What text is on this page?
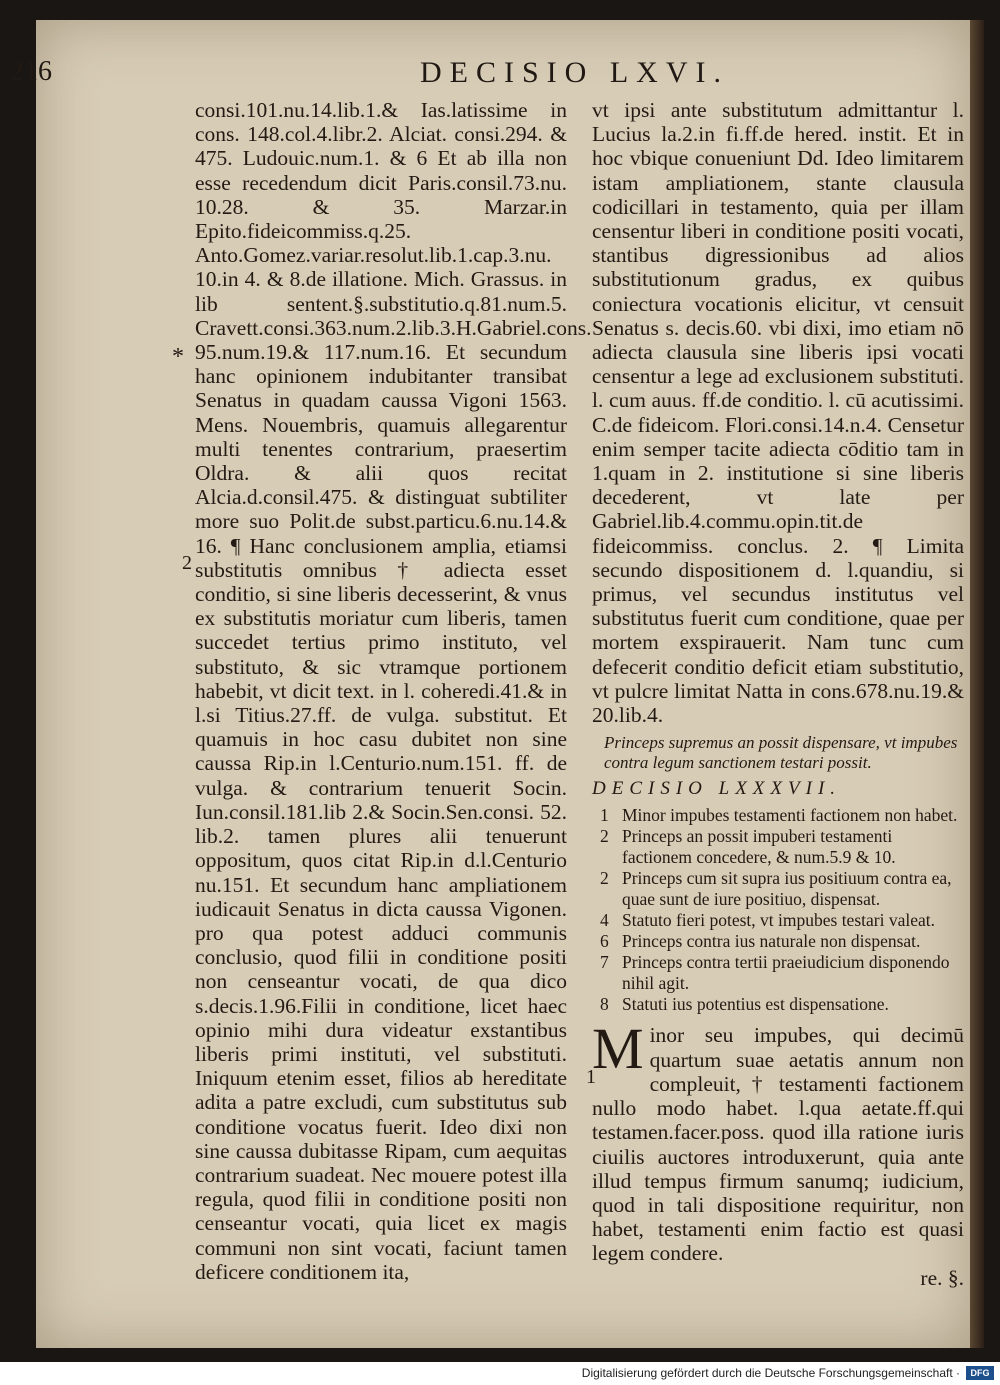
216	DECISIO LXVI.
*
2
1

consi.101.nu.14.lib.1.& Ias.latissime in cons. 148.col.4.libr.2. Alciat. consi.294. & 475. Ludouic.num.1. & 6 Et ab illa non esse recedendum dicit Paris.consil.73.nu. 10.28. & 35. Marzar.in Epito.fideicommiss.q.25. Anto.Gomez.variar.resolut.lib.1.cap.3.nu. 10.in 4. & 8.de illatione. Mich. Grassus. in lib sentent.§.substitutio.q.81.num.5. Cravett.consi.363.num.2.lib.3.H.Gabriel.cons. 95.num.19.& 117.num.16. Et secundum hanc opinionem indubitanter transibat Senatus in quadam caussa Vigoni 1563. Mens. Nouembris, quamuis allegarentur multi tenentes contrarium, praesertim Oldra. & alii quos recitat Alcia.d.consil.475. & distinguat subtiliter more suo Polit.de subst.particu.6.nu.14.& 16. ¶ Hanc conclusionem amplia, etiamsi substitutis omnibus † adiecta esset conditio, si sine liberis decesserint, & vnus ex substitutis moriatur cum liberis, tamen succedet tertius primo instituto, vel substituto, & sic vtramque portionem habebit, vt dicit text. in l. coheredi.41.& in l.si Titius.27.ff. de vulga. substitut. Et quamuis in hoc casu dubitet non sine caussa Rip.in l.Centurio.num.151. ff. de vulga. & contrarium tenuerit Socin. Iun.consil.181.lib 2.& Socin.Sen.consi. 52. lib.2. tamen plures alii tenuerunt oppositum, quos citat Rip.in d.l.Centurio nu.151. Et secundum hanc ampliationem iudicauit Senatus in dicta caussa Vigonen. pro qua potest adduci communis conclusio, quod filii in conditione positi non censeantur vocati, de qua dico s.decis.1.96.Filii in conditione, licet haec opinio mihi dura videatur exstantibus liberis primi instituti, vel substituti. Iniquum etenim esset, filios ab hereditate adita a patre excludi, cum substitutus sub conditione vocatus fuerit. Ideo dixi non sine caussa dubitasse Ripam, cum aequitas contrarium suadeat. Nec mouere potest illa regula, quod filii in conditione positi non censeantur vocati, quia licet ex magis communi non sint vocati, faciunt tamen deficere conditionem ita,

vt ipsi ante substitutum admittantur l. Lucius la.2.in fi.ff.de hered. instit. Et in hoc vbique conueniunt Dd. Ideo limitarem istam ampliationem, stante clausula codicillari in testamento, quia per illam censentur liberi in conditione positi vocati, stantibus digressionibus ad alios substitutionum gradus, ex quibus coniectura vocationis elicitur, vt censuit Senatus s. decis.60. vbi dixi, imo etiam nō adiecta clausula sine liberis ipsi vocati censentur a lege ad exclusionem substituti. l. cum auus. ff.de conditio. l. cū acutissimi. C.de fideicom. Flori.consi.14.n.4. Censetur enim semper tacite adiecta cōditio tam in 1.quam in 2. institutione si sine liberis decederent, vt late per Gabriel.lib.4.commu.opin.tit.de fideicommiss. conclus. 2. ¶ Limita secundo dispositionem d. l.quandiu, si primus, vel secundus institutus vel substitutus fuerit cum conditione, quae per mortem exspirauerit. Nam tunc cum defecerit conditio deficit etiam substitutio, vt pulcre limitat Natta in cons.678.nu.19.& 20.lib.4.

Princeps supremus an possit dispensare, vt impubes contra legum sanctionem testari possit.

DECISIO LXXXVII.

1 Minor impubes testamenti factionem non habet.
2 Princeps an possit impuberi testamenti factionem concedere, & num.5.9 & 10.
2 Princeps cum sit supra ius positiuum contra ea, quae sunt de iure positiuo, dispensat.
4 Statuto fieri potest, vt impubes testari valeat.
6 Princeps contra ius naturale non dispensat.
7 Princeps contra tertii praeiudicium disponendo nihil agit.
8 Statuti ius potentius est dispensatione.

Minor seu impubes, qui decimū quartum suae aetatis annum non compleuit, † testamenti factionem nullo modo habet. l.qua aetate.ff.qui testamen.facer.poss. quod illa ratione iuris ciuilis auctores introduxerunt, quia ante illud tempus firmum sanumq; iudicium, quod in tali dispositione requiritur, non habet, testamenti enim factio est quasi legem condere.

re. §.

Digitalisierung gefördert durch die Deutsche Forschungsgemeinschaft ·	DFG
